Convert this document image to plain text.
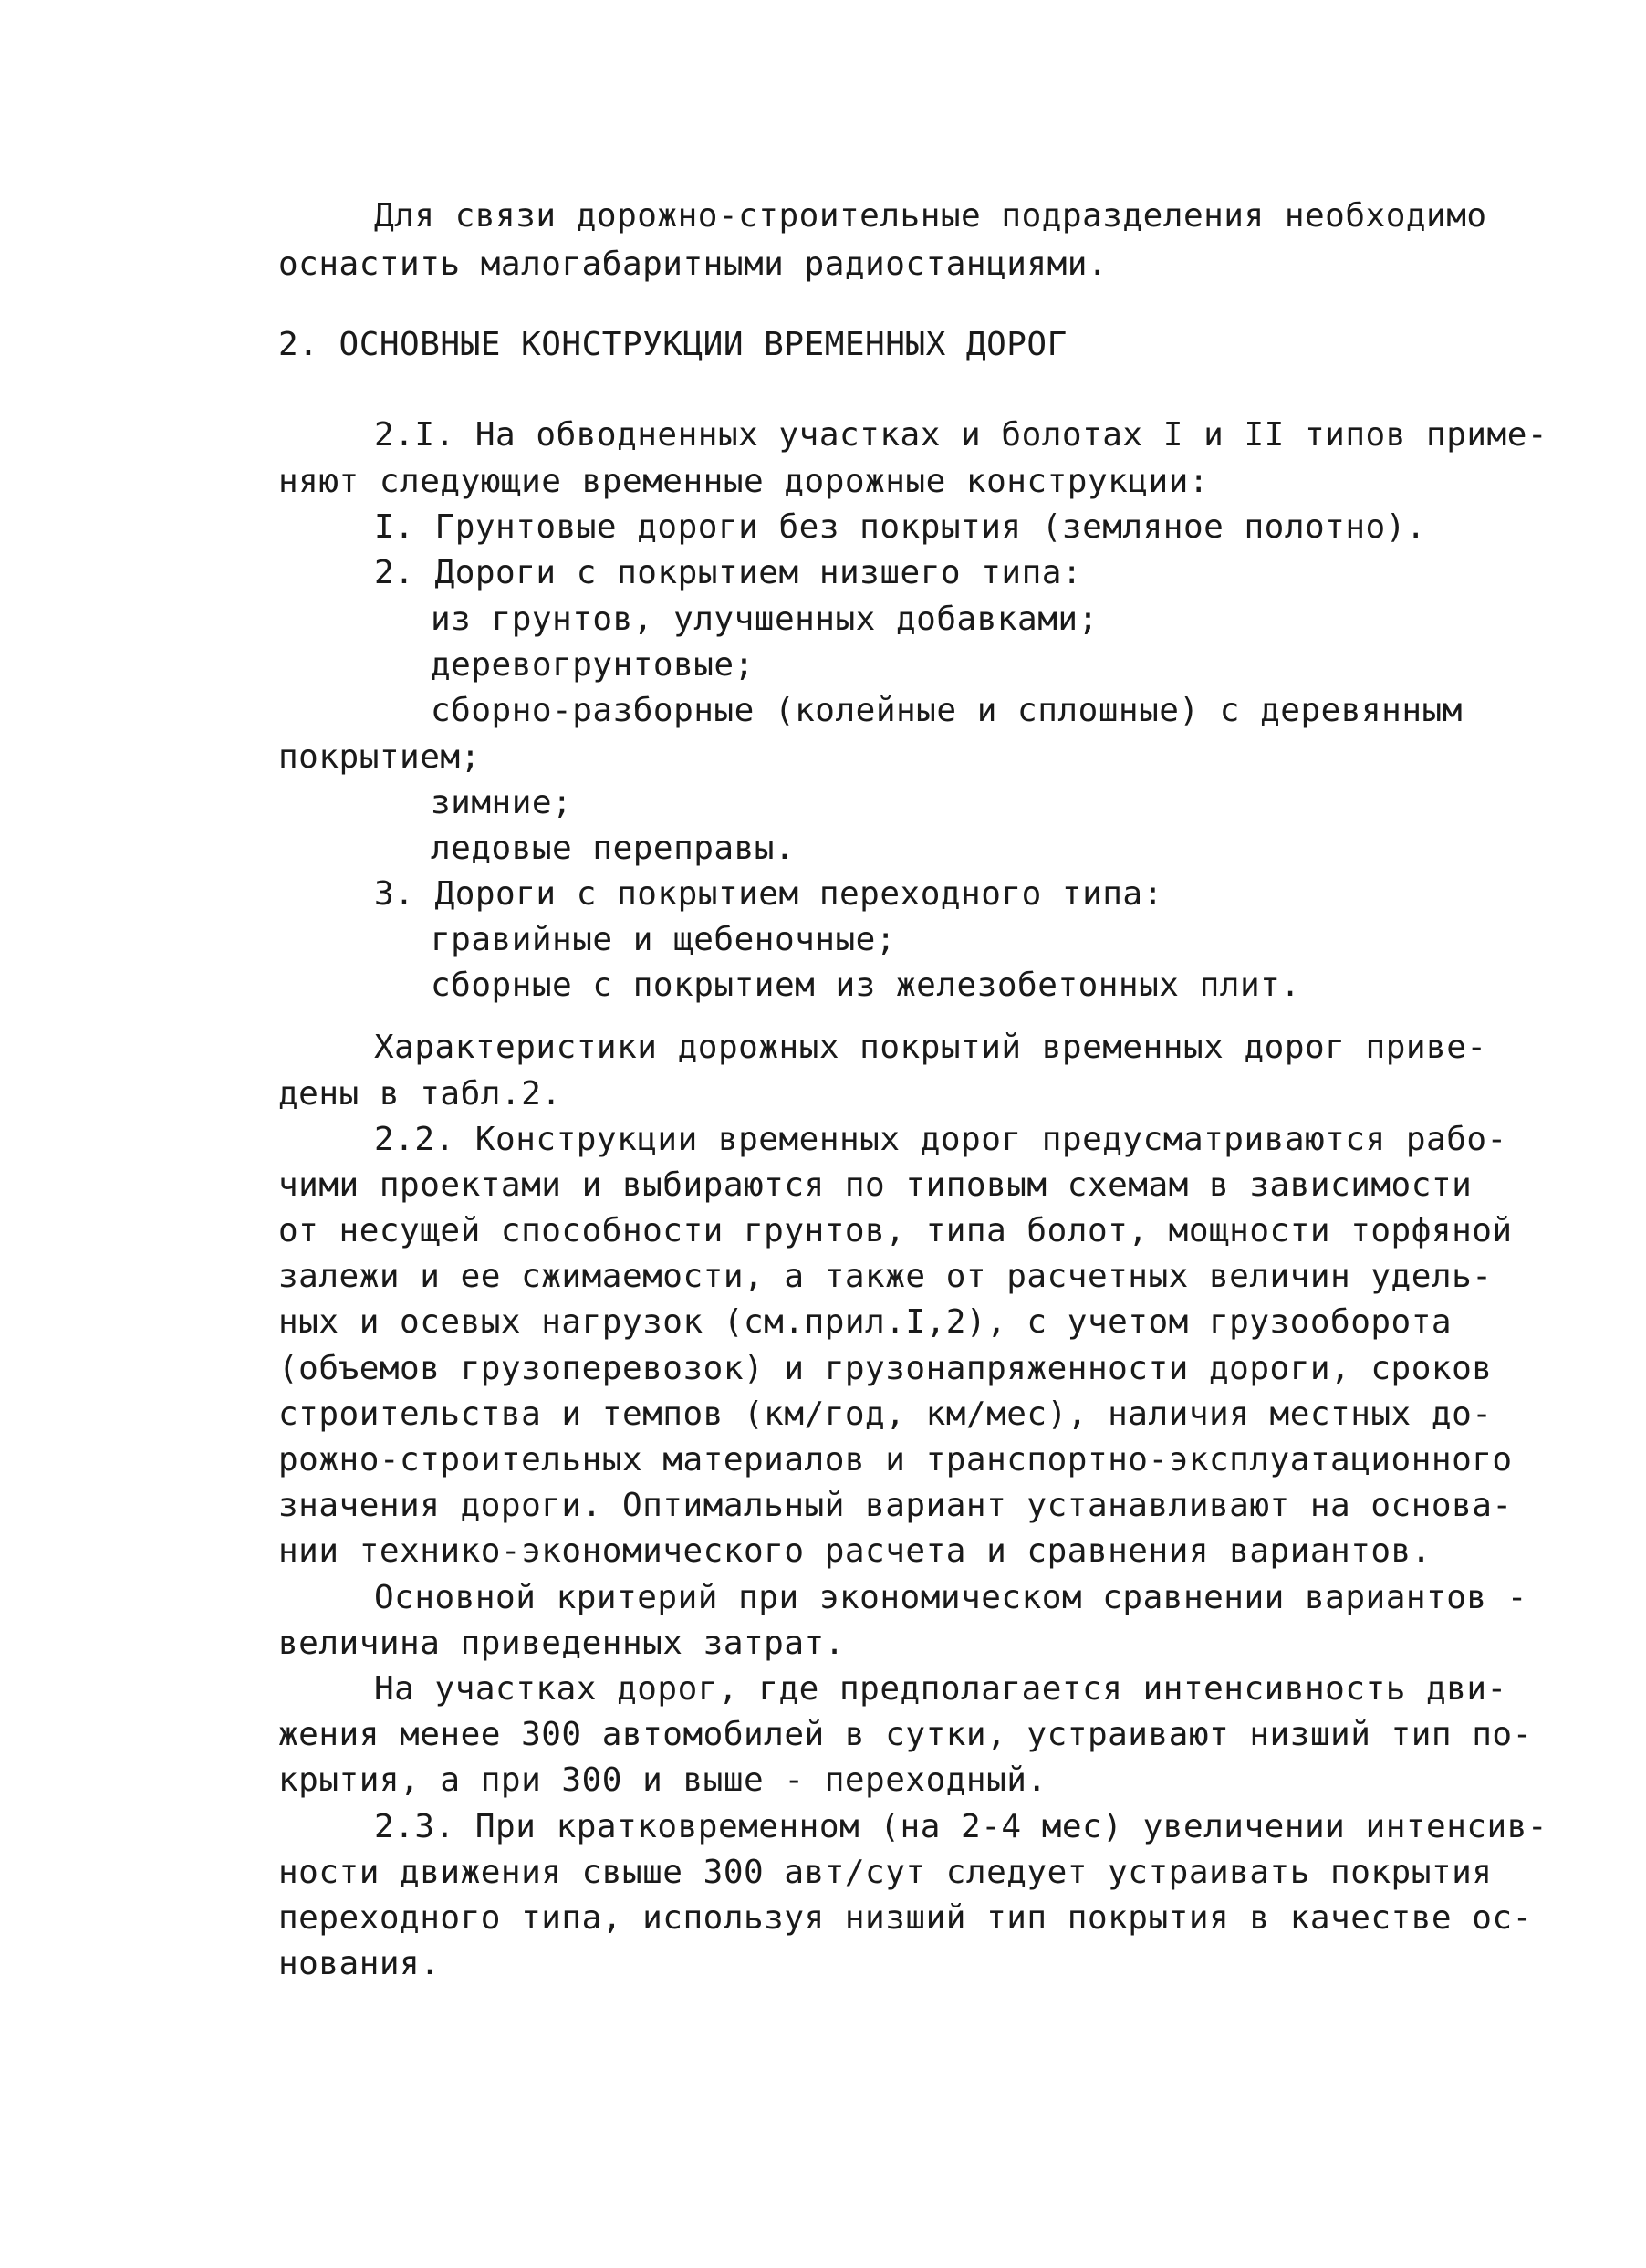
Для связи дорожно-строительные подразделения необходимо
оснастить малогабаритными радиостанциями.
2. ОСНОВНЫЕ КОНСТРУКЦИИ ВРЕМЕННЫХ ДОРОГ
2.I. На обводненных участках и болотах I и II типов приме-
няют следующие временные дорожные конструкции:
I. Грунтовые дороги без покрытия (земляное полотно).
2. Дороги с покрытием низшего типа:
из грунтов, улучшенных добавками;
деревогрунтовые;
сборно-разборные (колейные и сплошные) с деревянным
покрытием;
зимние;
ледовые переправы.
3. Дороги с покрытием переходного типа:
гравийные и щебеночные;
сборные с покрытием из железобетонных плит.
Характеристики дорожных покрытий временных дорог приве-
дены в табл.2.
2.2. Конструкции временных дорог предусматриваются рабо-
чими проектами и выбираются по типовым схемам в зависимости
от несущей способности грунтов, типа болот, мощности торфяной
залежи и ее сжимаемости, а также от расчетных величин удель-
ных и осевых нагрузок (см.прил.I,2), с учетом грузооборота
(объемов грузоперевозок) и грузонапряженности дороги, сроков
строительства и темпов (км/год, км/мес), наличия местных до-
рожно-строительных материалов и транспортно-эксплуатационного
значения дороги. Оптимальный вариант устанавливают на основа-
нии технико-экономического расчета и сравнения вариантов.
Основной критерий при экономическом сравнении вариантов -
величина приведенных затрат.
На участках дорог, где предполагается интенсивность дви-
жения менее 300 автомобилей в сутки, устраивают низший тип по-
крытия, а при 300 и выше - переходный.
2.3. При кратковременном (на 2-4 мес) увеличении интенсив-
ности движения свыше 300 авт/сут следует устраивать покрытия
переходного типа, используя низший тип покрытия в качестве ос-
нования.
